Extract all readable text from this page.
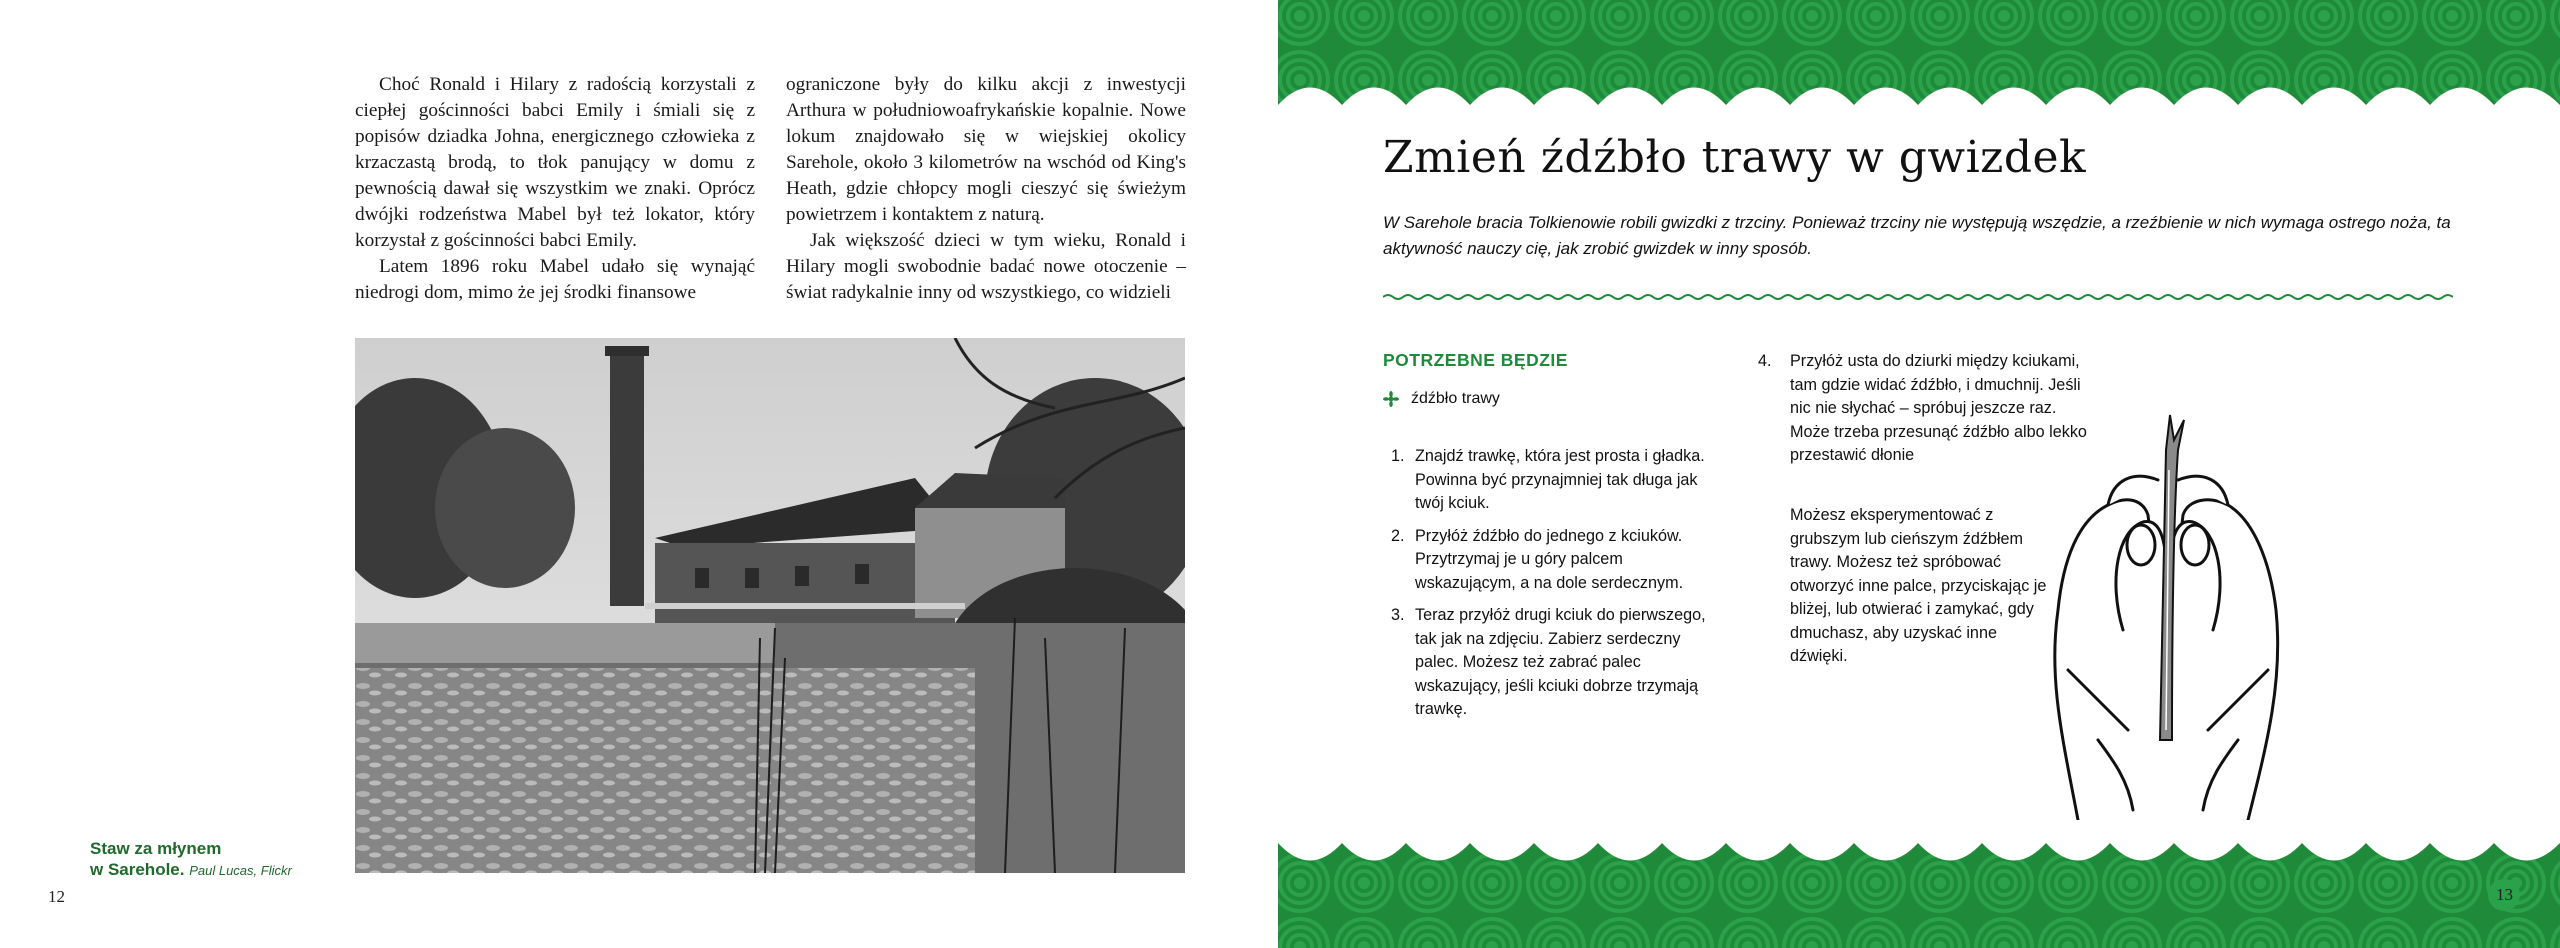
Choć Ronald i Hilary z radością korzystali z ciepłej gościnności babci Emily i śmiali się z popisów dziadka Johna, energicznego człowieka z krzaczastą brodą, to tłok panujący w domu z pewnością dawał się wszystkim we znaki. Oprócz dwójki rodzeństwa Mabel był też lokator, który korzystał z gościnności babci Emily.

Latem 1896 roku Mabel udało się wynająć niedrogi dom, mimo że jej środki finansowe

ograniczone były do kilku akcji z inwestycji Arthura w południowoafrykańskie kopalnie. Nowe lokum znajdowało się w wiejskiej okolicy Sarehole, około 3 kilometrów na wschód od King's Heath, gdzie chłopcy mogli cieszyć się świeżym powietrzem i kontaktem z naturą.

Jak większość dzieci w tym wieku, Ronald i Hilary mogli swobodnie badać nowe otoczenie – świat radykalnie inny od wszystkiego, co widzieli

Staw za młynem
w Sarehole. Paul Lucas, Flickr
12
Zmień źdźbło trawy w gwizdek
W Sarehole bracia Tolkienowie robili gwizdki z trzciny. Ponieważ trzciny nie występują wszędzie, a rzeźbienie w nich wymaga ostrego noża, ta aktywność nauczy cię, jak zrobić gwizdek w inny sposób.
POTRZEBNE BĘDZIE
źdźbło trawy
1. Znajdź trawkę, która jest prosta i gładka. Powinna być przynajmniej tak długa jak twój kciuk.
2. Przyłóż źdźbło do jednego z kciuków. Przytrzymaj je u góry palcem wskazującym, a na dole serdecznym.
3. Teraz przyłóż drugi kciuk do pierwszego, tak jak na zdjęciu. Zabierz serdeczny palec. Możesz też zabrać palec wskazujący, jeśli kciuki dobrze trzymają trawkę.
4. Przyłóż usta do dziurki między kciukami, tam gdzie widać źdźbło, i dmuchnij. Jeśli nic nie słychać – spróbuj jeszcze raz. Może trzeba przesunąć źdźbło albo lekko przestawić dłonie
Możesz eksperymentować z grubszym lub cieńszym źdźbłem trawy. Możesz też spróbować otworzyć inne palce, przyciskając je bliżej, lub otwierać i zamykać, gdy dmuchasz, aby uzyskać inne dźwięki.
13
